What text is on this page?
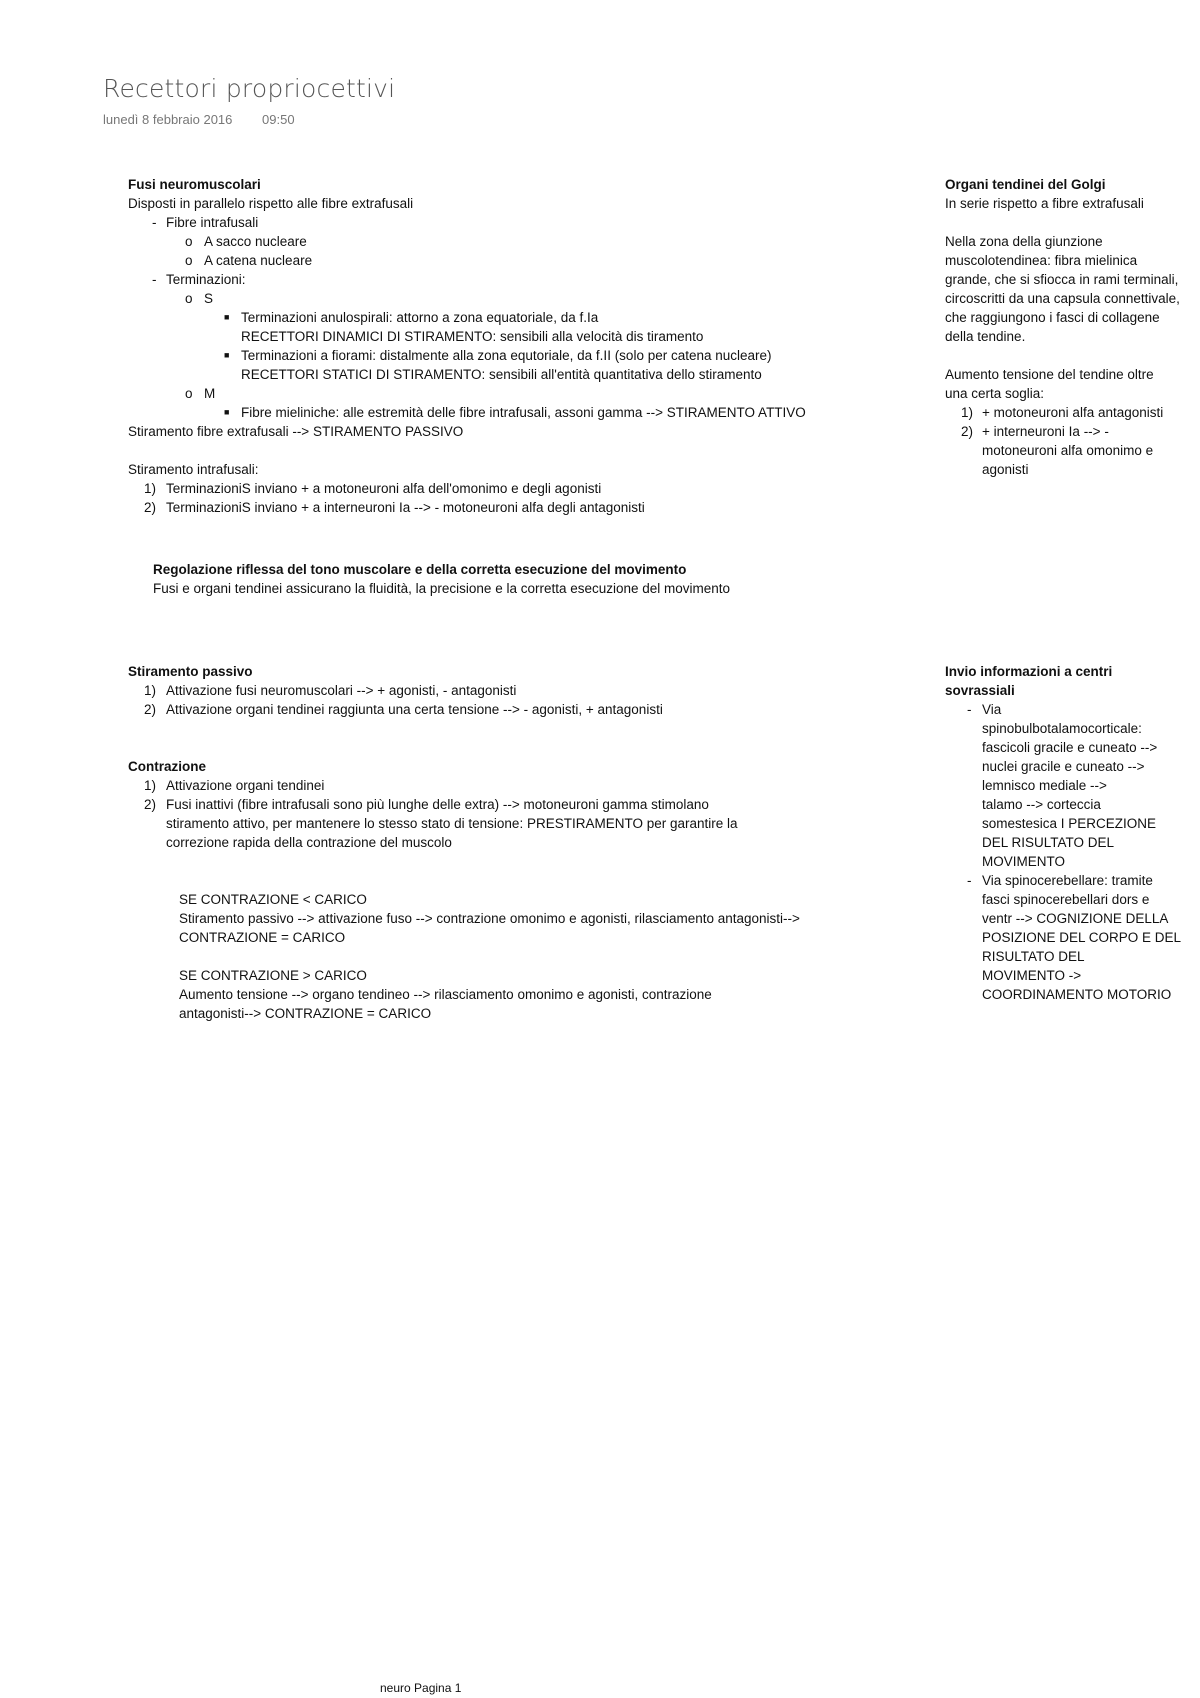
Recettori propriocettivi
lunedì 8 febbraio 2016 09:50
Fusi neuromuscolari
Disposti in parallelo rispetto alle fibre extrafusali
- Fibre intrafusali
o A sacco nucleare
o A catena nucleare
- Terminazioni:
o S
■ Terminazioni anulospirali: attorno a zona equatoriale, da f.Ia
RECETTORI DINAMICI DI STIRAMENTO: sensibili alla velocità dis tiramento
■ Terminazioni a fiorami: distalmente alla zona equtoriale, da f.II (solo per catena nucleare)
RECETTORI STATICI DI STIRAMENTO: sensibili all'entità quantitativa dello stiramento
o M
■ Fibre mieliniche: alle estremità delle fibre intrafusali, assoni gamma --> STIRAMENTO ATTIVO
Stiramento fibre extrafusali --> STIRAMENTO PASSIVO
Stiramento intrafusali:
1) TerminazioniS inviano + a motoneuroni alfa dell'omonimo e degli agonisti
2) TerminazioniS inviano + a interneuroni Ia --> - motoneuroni alfa degli antagonisti
Organi tendinei del Golgi
In serie rispetto a fibre extrafusali
Nella zona della giunzione
muscolotendinea: fibra mielinica
grande, che si sfiocca in rami terminali,
circoscritti da una capsula connettivale,
che raggiungono i fasci di collagene
della tendine.
Aumento tensione del tendine oltre
una certa soglia:
1) + motoneuroni alfa antagonisti
2) + interneuroni Ia --> -
motoneuroni alfa omonimo e
agonisti
Regolazione riflessa del tono muscolare e della corretta esecuzione del movimento
Fusi e organi tendinei assicurano la fluidità, la precisione e la corretta esecuzione del movimento
Stiramento passivo
1) Attivazione fusi neuromuscolari --> + agonisti, - antagonisti
2) Attivazione organi tendinei raggiunta una certa tensione --> - agonisti, + antagonisti
Contrazione
1) Attivazione organi tendinei
2) Fusi inattivi (fibre intrafusali sono più lunghe delle extra) --> motoneuroni gamma stimolano
stiramento attivo, per mantenere lo stesso stato di tensione: PRESTIRAMENTO per garantire la
correzione rapida della contrazione del muscolo
SE CONTRAZIONE < CARICO
Stiramento passivo --> attivazione fuso --> contrazione omonimo e agonisti, rilasciamento antagonisti-->
CONTRAZIONE = CARICO
SE CONTRAZIONE > CARICO
Aumento tensione --> organo tendineo --> rilasciamento omonimo e agonisti, contrazione
antagonisti--> CONTRAZIONE = CARICO
Invio informazioni a centri
sovrassiali
- Via
spinobulbotalamocorticale:
fascicoli gracile e cuneato -->
nuclei gracile e cuneato -->
lemnisco mediale -->
talamo --> corteccia
somestesica I PERCEZIONE
DEL RISULTATO DEL
MOVIMENTO
- Via spinocerebellare: tramite
fasci spinocerebellari dors e
ventr --> COGNIZIONE DELLA
POSIZIONE DEL CORPO E DEL
RISULTATO DEL
MOVIMENTO ->
COORDINAMENTO MOTORIO
neuro Pagina 1
